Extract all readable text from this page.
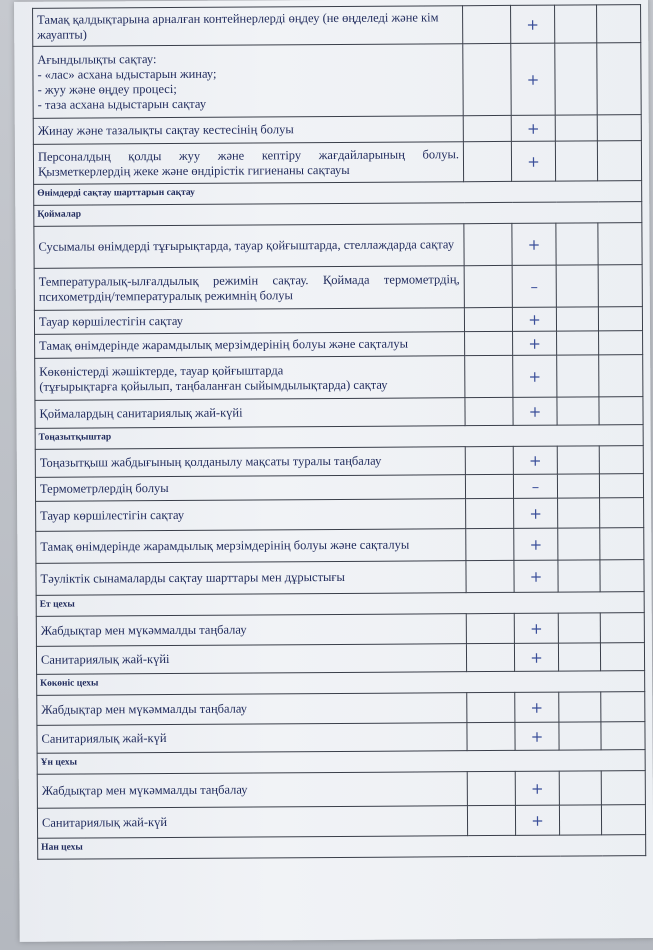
Тамақ қалдықтарына арналған контейнерлерді өңдеу (не өңделеді және кім жауапты)		+		

Ағындылықты сақтау:
- «лас» асхана ыдыстарын жинау;
- жуу және өңдеу процесі;
- таза асхана ыдыстарын сақтау		+		

Жинау және тазалықты сақтау кестесінің болуы		+		

Персоналдың қолды жуу және кептіру жағдайларының болуы. Қызметкерлердің жеке және өндірістік гигиенаны сақтауы		+		
Өнімдерді сақтау шарттарын сақтау				
Қоймалар				

Сусымалы өнімдерді тұғырықтарда, тауар қойғыштарда, стеллаждарда сақтау		+		

Температуралық-ылғалдылық режимін сақтау. Қоймада термометрдің, психометрдің/температуралық режимнің болуы		–		

Тауар көршілестігін сақтау		+		

Тамақ өнімдерінде жарамдылық мерзімдерінің болуы және сақталуы		+		

Көкөністерді жәшіктерде, тауар қойғыштарда
(тұғырықтарға қойылып, таңбаланған сыйымдылықтарда) сақтау		+		

Қоймалардың санитариялық жай-күйі		+		
Тоңазытқыштар				

Тоңазытқыш жабдығының қолданылу мақсаты туралы таңбалау		+		

Термометрлердің болуы		–		

Тауар көршілестігін сақтау		+		

Тамақ өнімдерінде жарамдылық мерзімдерінің болуы және сақталуы		+		

Тәуліктік сынамаларды сақтау шарттары мен дұрыстығы		+		
Ет цехы				

Жабдықтар мен мүкәммалды таңбалау		+		

Санитариялық жай-күйі		+		
Көкөніс цехы				

Жабдықтар мен мүкәммалды таңбалау		+		

Санитариялық жай-күй		+		
Ұн цехы				

Жабдықтар мен мүкәммалды таңбалау		+		

Санитариялық жай-күй		+		
Нан цехы				
